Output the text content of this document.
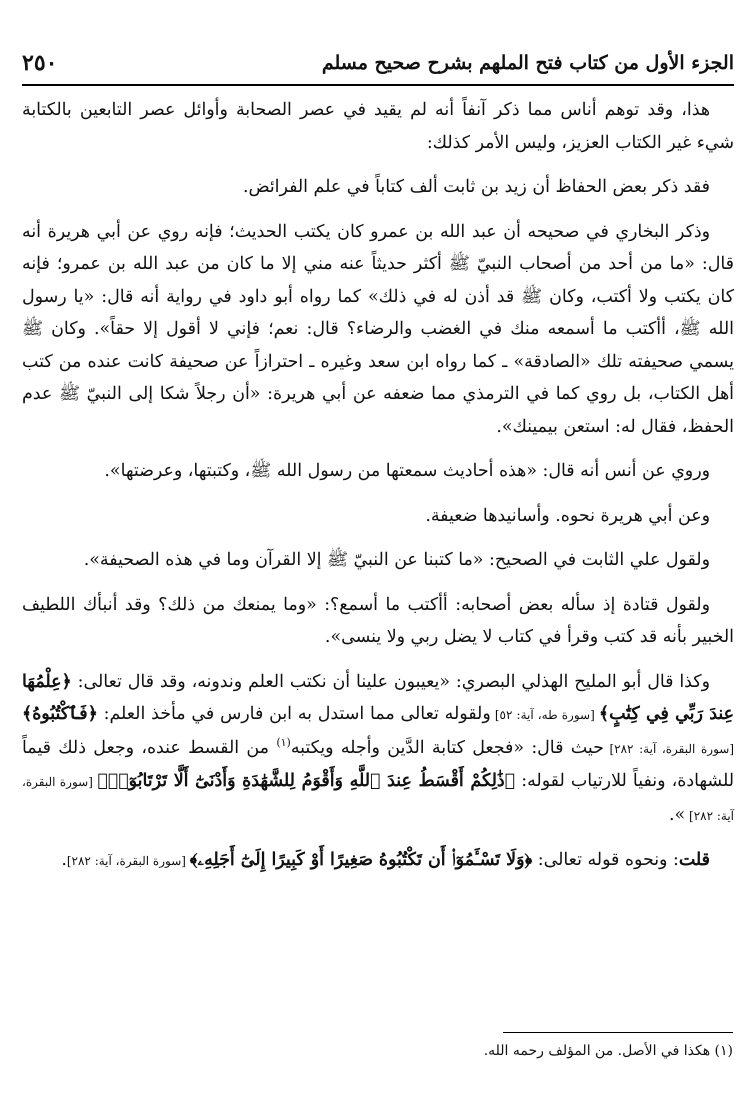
الجزء الأول من كتاب فتح الملهم بشرح صحيح مسلم
٢٥٠

هذا، وقد توهم أناس مما ذكر آنفاً أنه لم يقيد في عصر الصحابة وأوائل عصر التابعين بالكتابة شيء غير الكتاب العزيز، وليس الأمر كذلك:

فقد ذكر بعض الحفاظ أن زيد بن ثابت ألف كتاباً في علم الفرائض.

وذكر البخاري في صحيحه أن عبد الله بن عمرو كان يكتب الحديث؛ فإنه روي عن أبي هريرة أنه قال: «ما من أحد من أصحاب النبيّ ﷺ أكثر حديثاً عنه مني إلا ما كان من عبد الله بن عمرو؛ فإنه كان يكتب ولا أكتب، وكان ﷺ قد أذن له في ذلك» كما رواه أبو داود في رواية أنه قال: «يا رسول الله ﷺ، أأكتب ما أسمعه منك في الغضب والرضاء؟ قال: نعم؛ فإني لا أقول إلا حقاً». وكان ﷺ يسمي صحيفته تلك «الصادقة» ـ كما رواه ابن سعد وغيره ـ احترازاً عن صحيفة كانت عنده من كتب أهل الكتاب، بل روي كما في الترمذي مما ضعفه عن أبي هريرة: «أن رجلاً شكا إلى النبيّ ﷺ عدم الحفظ، فقال له: استعن بيمينك».

وروي عن أنس أنه قال: «هذه أحاديث سمعتها من رسول الله ﷺ، وكتبتها، وعرضتها».

وعن أبي هريرة نحوه. وأسانيدها ضعيفة.

ولقول علي الثابت في الصحيح: «ما كتبنا عن النبيّ ﷺ إلا القرآن وما في هذه الصحيفة».

ولقول قتادة إذ سأله بعض أصحابه: أأكتب ما أسمع؟: «وما يمنعك من ذلك؟ وقد أنبأك اللطيف الخبير بأنه قد كتب وقرأ في كتاب لا يضل ربي ولا ينسى».

وكذا قال أبو المليح الهذلي البصري: «يعيبون علينا أن نكتب العلم وندونه، وقد قال تعالى: ﴿عِلْمُهَا عِندَ رَبِّي فِي كِتَٰبٍ﴾ [سورة طه، آية: ٥٢] ولقوله تعالى مما استدل به ابن فارس في مأخذ العلم: ﴿فَٱكْتُبُوهُ﴾ [سورة البقرة، آية: ٢٨٢] حيث قال: «فجعل كتابة الدَّين وأجله ويكتبه$^{(١)}$ من القسط عنده، وجعل ذلك قيماً للشهادة، ونفياً للارتياب لقوله: ﴿ذَٰلِكُمْ أَقْسَطُ عِندَ ٱللَّهِ وَأَقْوَمُ لِلشَّهَٰدَةِ وَأَدْنَىٰٓ أَلَّا تَرْتَابُوٓا۟﴾ [سورة البقرة، آية: ٢٨٢] ».

قلت: ونحوه قوله تعالى: ﴿وَلَا تَسْـَٔمُوٓا۟ أَن تَكْتُبُوهُ صَغِيرًا أَوْ كَبِيرًا إِلَىٰٓ أَجَلِهِۦ﴾ [سورة البقرة، آية: ٢٨٢].

(١) هكذا في الأصل. من المؤلف رحمه الله.
